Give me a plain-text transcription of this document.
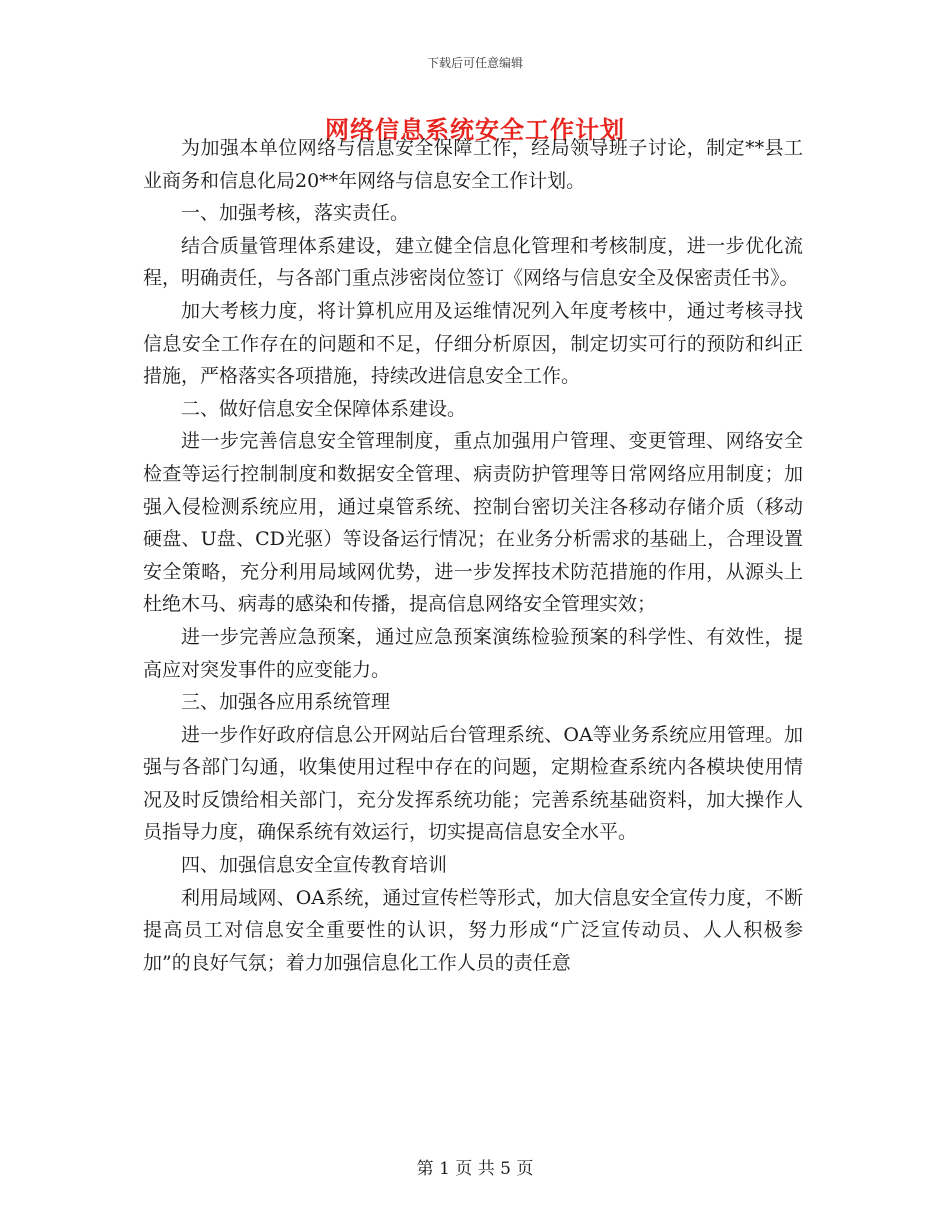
下载后可任意编辑
网络信息系统安全工作计划

为加强本单位网络与信息安全保障工作，经局领导班子讨论，制定**县工业商务和信息化局20**年网络与信息安全工作计划。

一、加强考核，落实责任。

结合质量管理体系建设，建立健全信息化管理和考核制度，进一步优化流程，明确责任，与各部门重点涉密岗位签订《网络与信息安全及保密责任书》。

加大考核力度，将计算机应用及运维情况列入年度考核中，通过考核寻找信息安全工作存在的问题和不足，仔细分析原因，制定切实可行的预防和纠正措施，严格落实各项措施，持续改进信息安全工作。

二、做好信息安全保障体系建设。

进一步完善信息安全管理制度，重点加强用户管理、变更管理、网络安全检查等运行控制制度和数据安全管理、病责防护管理等日常网络应用制度；加强入侵检测系统应用，通过桌管系统、控制台密切关注各移动存储介质（移动硬盘、U盘、CD光驱）等设备运行情况；在业务分析需求的基础上，合理设置安全策略，充分利用局域网优势，进一步发挥技术防范措施的作用，从源头上杜绝木马、病毒的感染和传播，提高信息网络安全管理实效；

进一步完善应急预案，通过应急预案演练检验预案的科学性、有效性，提高应对突发事件的应变能力。

三、加强各应用系统管理

进一步作好政府信息公开网站后台管理系统、OA等业务系统应用管理。加强与各部门勾通，收集使用过程中存在的问题，定期检查系统内各模块使用情况及时反馈给相关部门，充分发挥系统功能；完善系统基础资料，加大操作人员指导力度，确保系统有效运行，切实提高信息安全水平。

四、加强信息安全宣传教育培训

利用局域网、OA系统，通过宣传栏等形式，加大信息安全宣传力度，不断提高员工对信息安全重要性的认识，努力形成“广泛宣传动员、人人积极参加”的良好气氛；着力加强信息化工作人员的责任意

第 1 页 共 5 页
